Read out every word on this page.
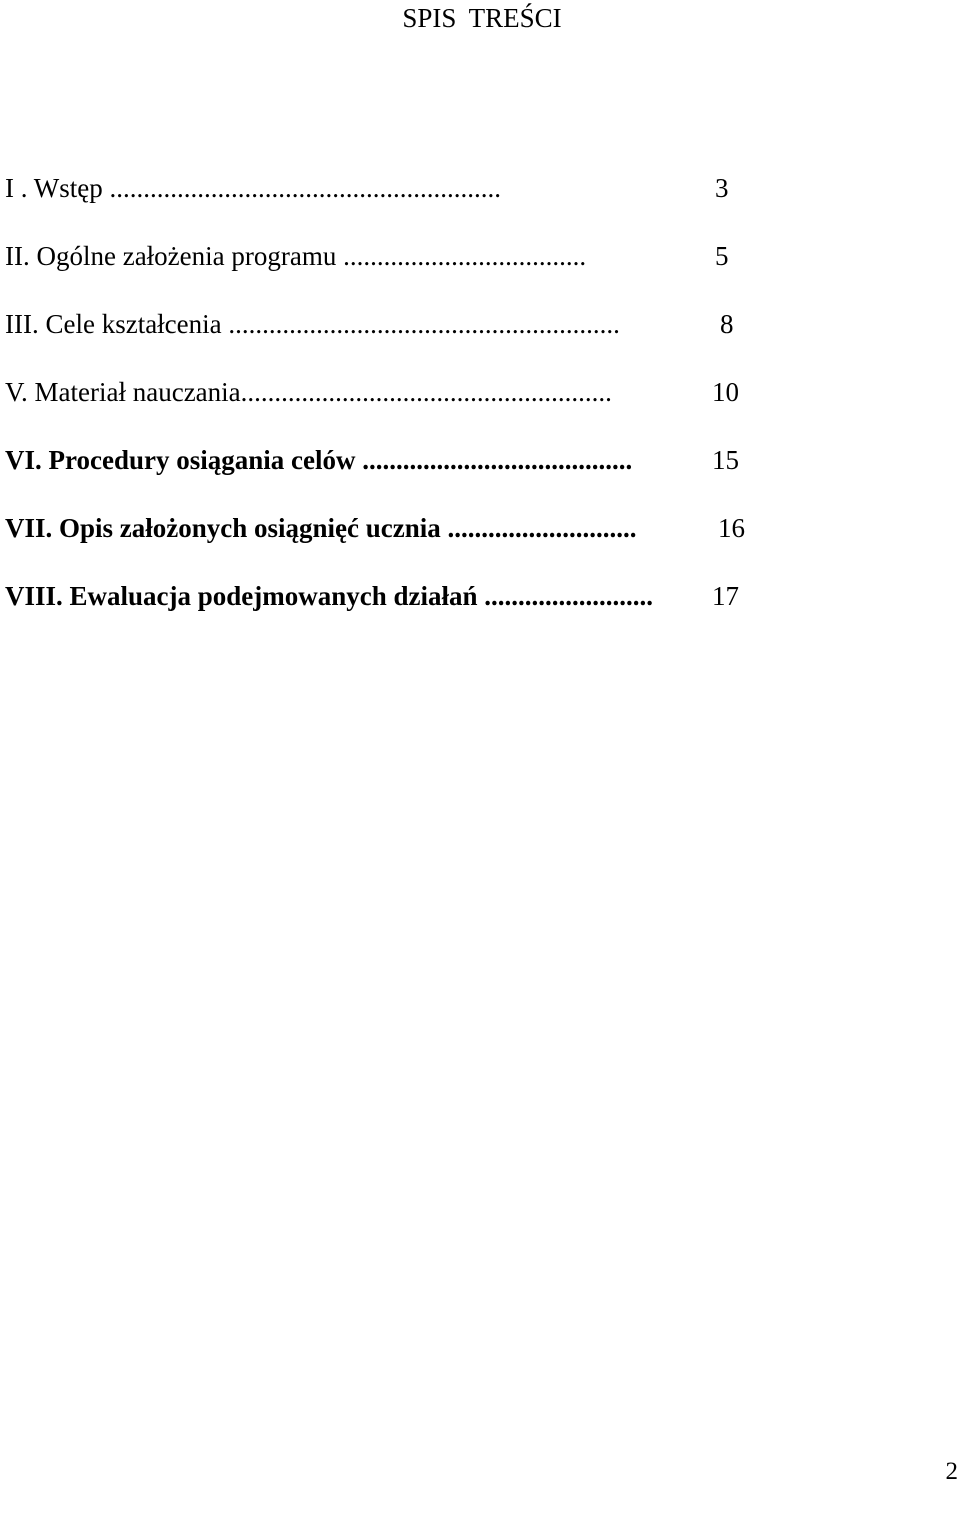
SPIS TREŚCI
I . Wstęp ..........................................................	3
II. Ogólne założenia programu ....................................	5
III. Cele kształcenia ..........................................................	8
V. Materiał nauczania.......................................................	10
VI. Procedury osiągania celów ........................................	15
VII. Opis założonych osiągnięć ucznia ............................	16
VIII. Ewaluacja podejmowanych działań ......................... 17
2
